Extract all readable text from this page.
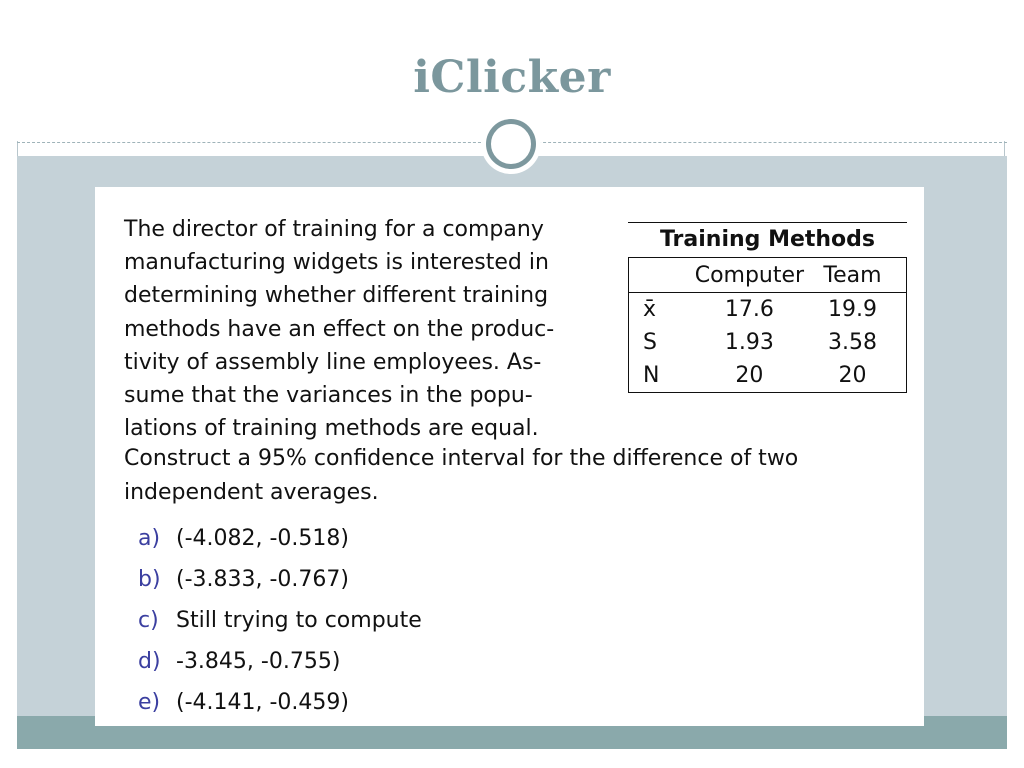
iClicker

The director of training for a company
manufacturing widgets is interested in
determining whether different training
methods have an effect on the produc-
tivity of assembly line employees. As-
sume that the variances in the popu-
lations of training methods are equal.

Construct a 95% confidence interval for the difference of two
independent averages.

Training Methods
	Computer	Team
x̄	17.6	19.9
S	1.93	3.58
N	20	20
a) (-4.082, -0.518)
b) (-3.833, -0.767)
c) Still trying to compute
d) -3.845, -0.755)
e) (-4.141, -0.459)
